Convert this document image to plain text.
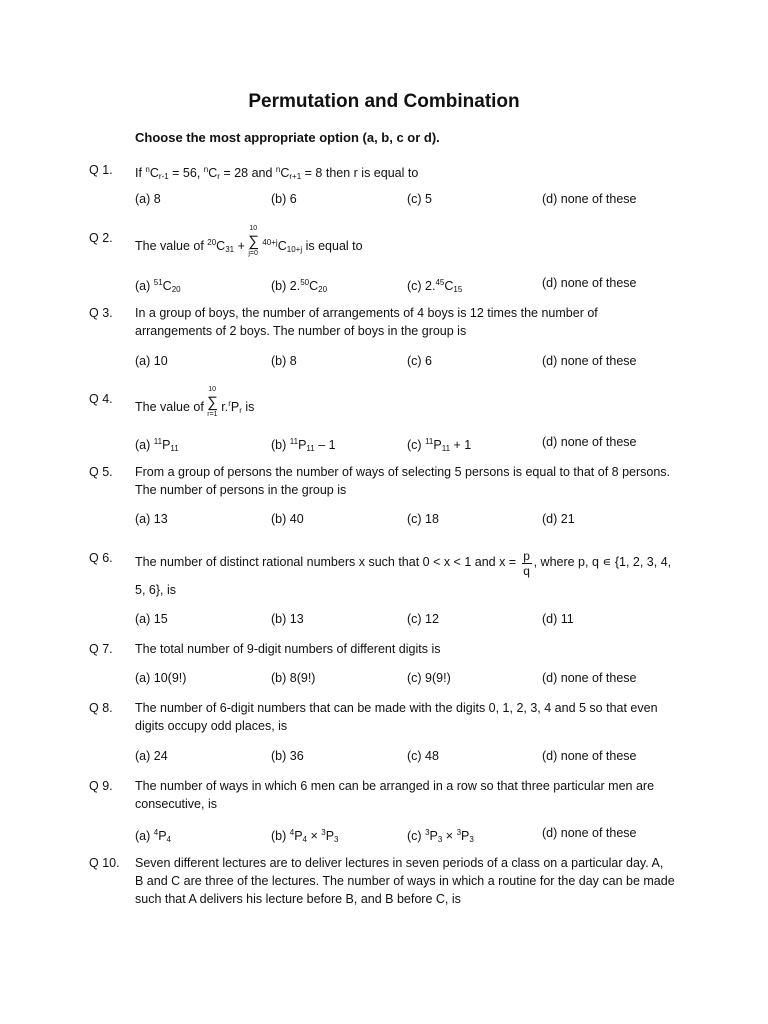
Permutation and Combination
Choose the most appropriate option (a, b, c or d).
Q 1. If $^nC_{r-1} = 56$, $^nC_r = 28$ and $^nC_{r+1} = 8$ then r is equal to
(a) 8	(b) 6	(c) 5	(d) none of these
Q 2.
The value of $^{20}C_{31}$ +
10
∑
j=0
$^{40+j}C_{10+j}$ is equal to
(a) $^{51}C_{20}$	(b) $2.50C_{20}$	(c) $2.45C_{15}$	(d) none of these
Q 3. In a group of boys, the number of arrangements of 4 boys is 12 times the number of
arrangements of 2 boys. The number of boys in the group is
(a) 10	(b) 8	(c) 6	(d) none of these
Q 4.
The value of
10
∑
r=1
$r.^rP_r$ is
(a) $^{11}P_{11}$	(b) $^{11}P_{11} - 1$	(c) $^{11}P_{11} + 1$	(d) none of these
Q 5. From a group of persons the number of ways of selecting 5 persons is equal to that of 8 persons.
The number of persons in the group is
(a) 13	(b) 40	(c) 18	(d) 21
Q 6. The number of distinct rational numbers x such that 0 < x < 1 and $x = \frac{p}{q}$ , where p, q ∊ {1, 2, 3, 4,
5, 6}, is
(a) 15	(b) 13	(c) 12	(d) 11
Q 7. The total number of 9-digit numbers of different digits is
(a) 10(9!)	(b) 8(9!)	(c) 9(9!)	(d) none of these
Q 8. The number of 6-digit numbers that can be made with the digits 0, 1, 2, 3, 4 and 5 so that even
digits occupy odd places, is
(a) 24	(b) 36	(c) 48	(d) none of these
Q 9. The number of ways in which 6 men can be arranged in a row so that three particular men are
consecutive, is
(a) $^4P_4$	(b) $^4P_4 \times ^3P_3$	(c) $^3P_3 \times ^3P_3$	(d) none of these
Q 10. Seven different lectures are to deliver lectures in seven periods of a class on a particular day. A,
B and C are three of the lectures. The number of ways in which a routine for the day can be made
such that A delivers his lecture before B, and B before C, is
